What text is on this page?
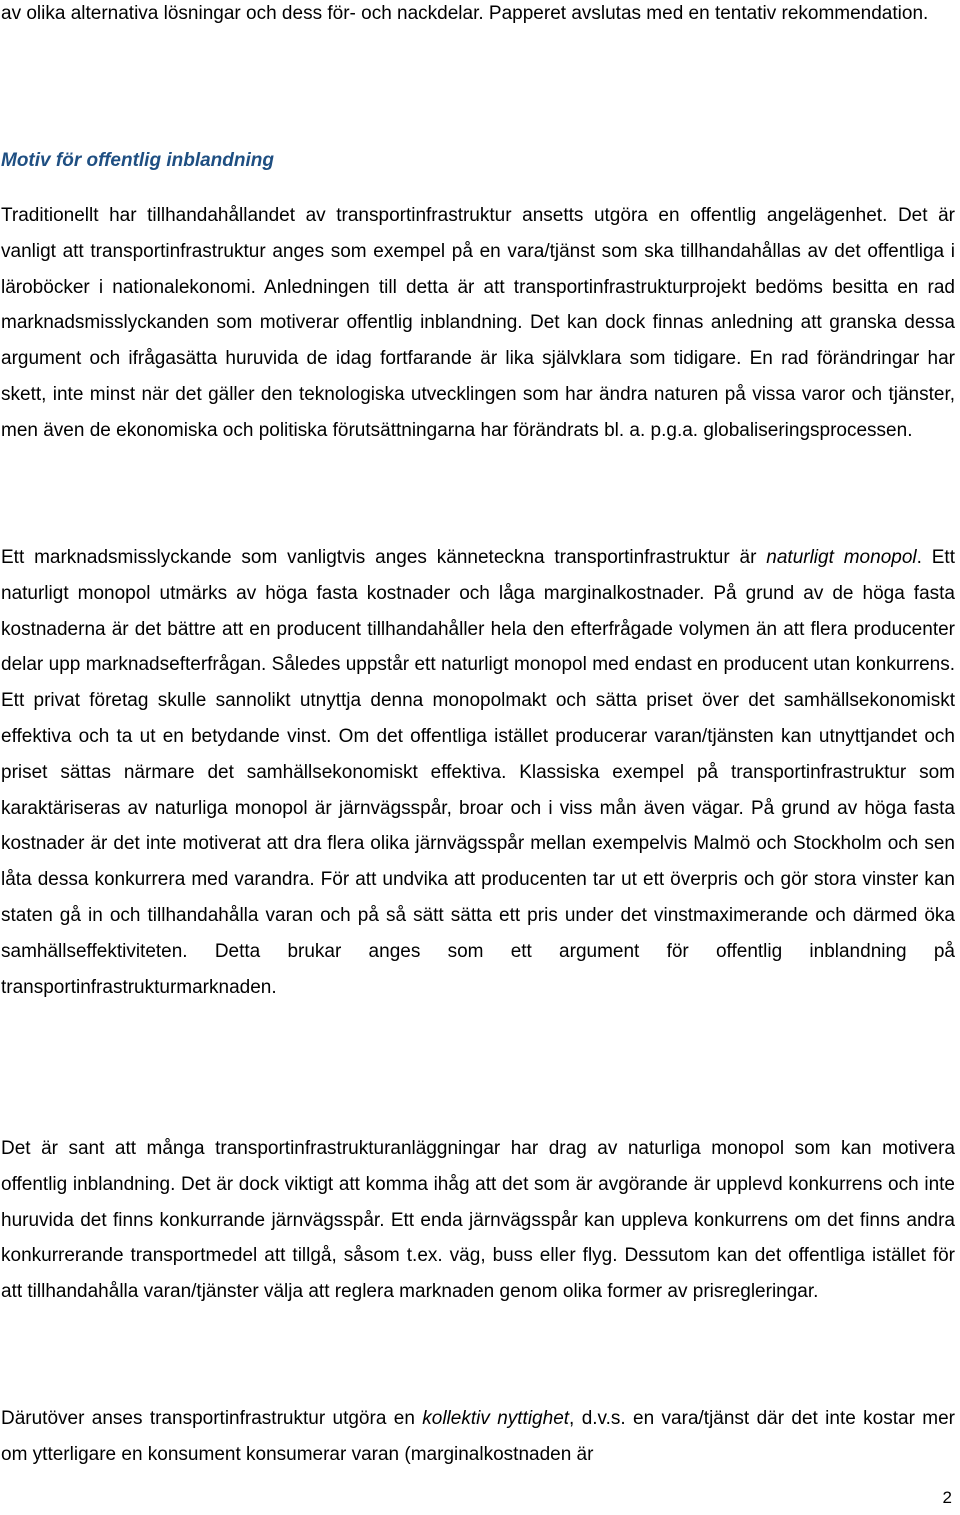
av olika alternativa lösningar och dess för- och nackdelar. Papperet avslutas med en tentativ rekommendation.

Motiv för offentlig inblandning

Traditionellt har tillhandahållandet av transportinfrastruktur ansetts utgöra en offentlig angelägenhet. Det är vanligt att transportinfrastruktur anges som exempel på en vara/tjänst som ska tillhandahållas av det offentliga i läroböcker i nationalekonomi. Anledningen till detta är att transportinfrastrukturprojekt bedöms besitta en rad marknadsmisslyckanden som motiverar offentlig inblandning. Det kan dock finnas anledning att granska dessa argument och ifrågasätta huruvida de idag fortfarande är lika självklara som tidigare. En rad förändringar har skett, inte minst när det gäller den teknologiska utvecklingen som har ändra naturen på vissa varor och tjänster, men även de ekonomiska och politiska förutsättningarna har förändrats bl. a. p.g.a. globaliseringsprocessen.

Ett marknadsmisslyckande som vanligtvis anges känneteckna transportinfrastruktur är naturligt monopol. Ett naturligt monopol utmärks av höga fasta kostnader och låga marginalkostnader. På grund av de höga fasta kostnaderna är det bättre att en producent tillhandahåller hela den efterfrågade volymen än att flera producenter delar upp marknadsefterfrågan. Således uppstår ett naturligt monopol med endast en producent utan konkurrens. Ett privat företag skulle sannolikt utnyttja denna monopolmakt och sätta priset över det samhällsekonomiskt effektiva och ta ut en betydande vinst. Om det offentliga istället producerar varan/tjänsten kan utnyttjandet och priset sättas närmare det samhällsekonomiskt effektiva. Klassiska exempel på transportinfrastruktur som karaktäriseras av naturliga monopol är järnvägsspår, broar och i viss mån även vägar. På grund av höga fasta kostnader är det inte motiverat att dra flera olika järnvägsspår mellan exempelvis Malmö och Stockholm och sen låta dessa konkurrera med varandra. För att undvika att producenten tar ut ett överpris och gör stora vinster kan staten gå in och tillhandahålla varan och på så sätt sätta ett pris under det vinstmaximerande och därmed öka samhällseffektiviteten. Detta brukar anges som ett argument för offentlig inblandning på transportinfrastrukturmarknaden.

Det är sant att många transportinfrastrukturanläggningar har drag av naturliga monopol som kan motivera offentlig inblandning. Det är dock viktigt att komma ihåg att det som är avgörande är upplevd konkurrens och inte huruvida det finns konkurrande järnvägsspår. Ett enda järnvägsspår kan uppleva konkurrens om det finns andra konkurrerande transportmedel att tillgå, såsom t.ex. väg, buss eller flyg. Dessutom kan det offentliga istället för att tillhandahålla varan/tjänster välja att reglera marknaden genom olika former av prisregleringar.

Därutöver anses transportinfrastruktur utgöra en kollektiv nyttighet, d.v.s. en vara/tjänst där det inte kostar mer om ytterligare en konsument konsumerar varan (marginalkostnaden är

2
